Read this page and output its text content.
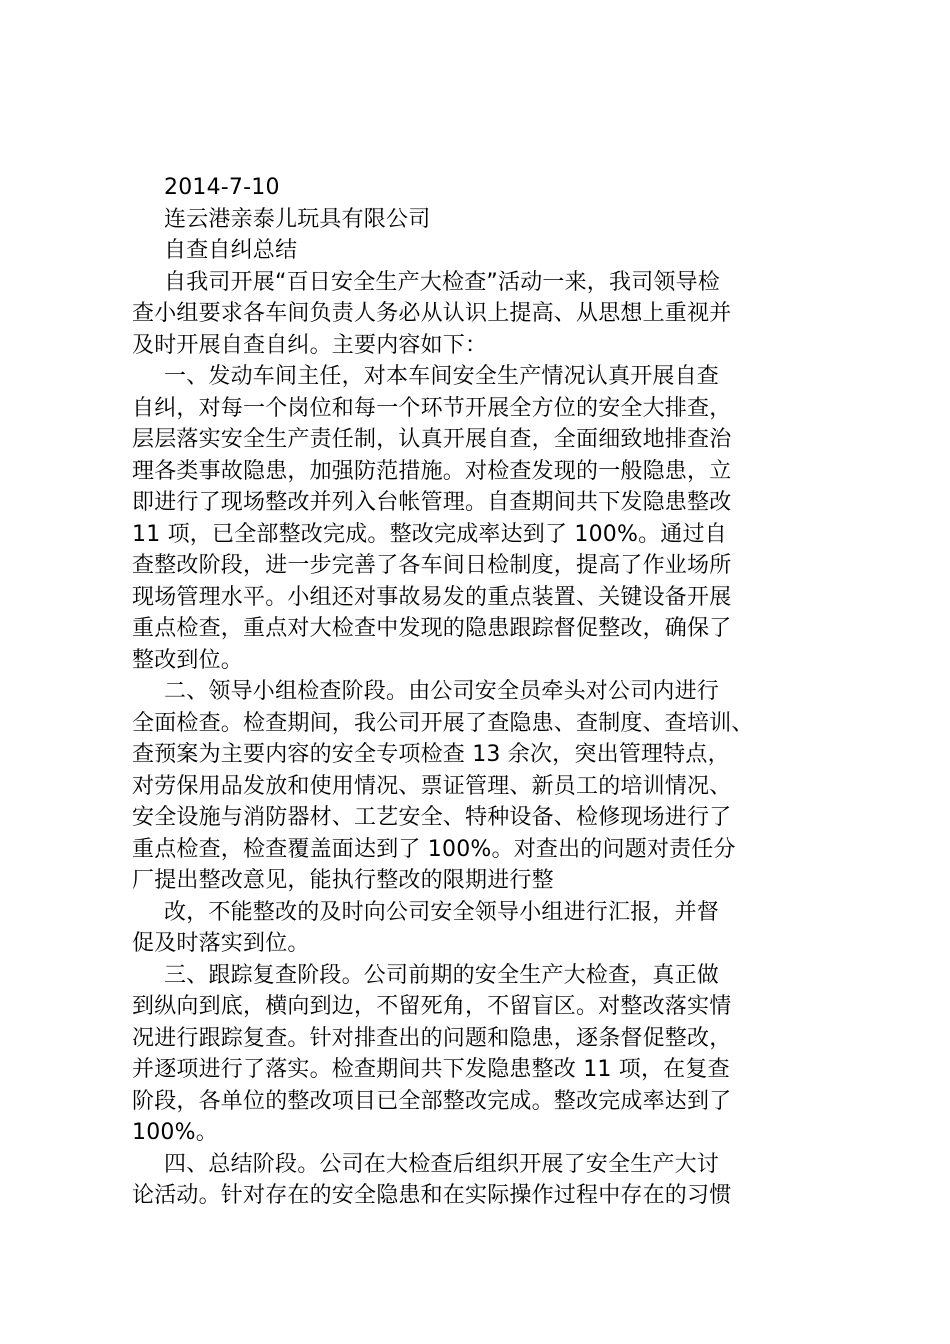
2014-7-10
连云港亲泰儿玩具有限公司
自查自纠总结
自我司开展“百日安全生产大检查”活动一来，我司领导检
查小组要求各车间负责人务必从认识上提高、从思想上重视并
及时开展自查自纠。主要内容如下：
一、发动车间主任，对本车间安全生产情况认真开展自查
自纠，对每一个岗位和每一个环节开展全方位的安全大排查，
层层落实安全生产责任制，认真开展自查，全面细致地排查治
理各类事故隐患，加强防范措施。对检查发现的一般隐患，立
即进行了现场整改并列入台帐管理。自查期间共下发隐患整改
11 项，已全部整改完成。整改完成率达到了 100%。通过自
查整改阶段，进一步完善了各车间日检制度，提高了作业场所
现场管理水平。小组还对事故易发的重点装置、关键设备开展
重点检查，重点对大检查中发现的隐患跟踪督促整改，确保了
整改到位。
二、领导小组检查阶段。由公司安全员牵头对公司内进行
全面检查。检查期间，我公司开展了查隐患、查制度、查培训、
查预案为主要内容的安全专项检查 13 余次，突出管理特点，
对劳保用品发放和使用情况、票证管理、新员工的培训情况、
安全设施与消防器材、工艺安全、特种设备、检修现场进行了
重点检查，检查覆盖面达到了 100%。对查出的问题对责任分
厂提出整改意见，能执行整改的限期进行整
改，不能整改的及时向公司安全领导小组进行汇报，并督
促及时落实到位。
三、跟踪复查阶段。公司前期的安全生产大检查，真正做
到纵向到底，横向到边，不留死角，不留盲区。对整改落实情
况进行跟踪复查。针对排查出的问题和隐患，逐条督促整改，
并逐项进行了落实。检查期间共下发隐患整改 11 项，在复查
阶段，各单位的整改项目已全部整改完成。整改完成率达到了
100%。
四、总结阶段。公司在大检查后组织开展了安全生产大讨
论活动。针对存在的安全隐患和在实际操作过程中存在的习惯
